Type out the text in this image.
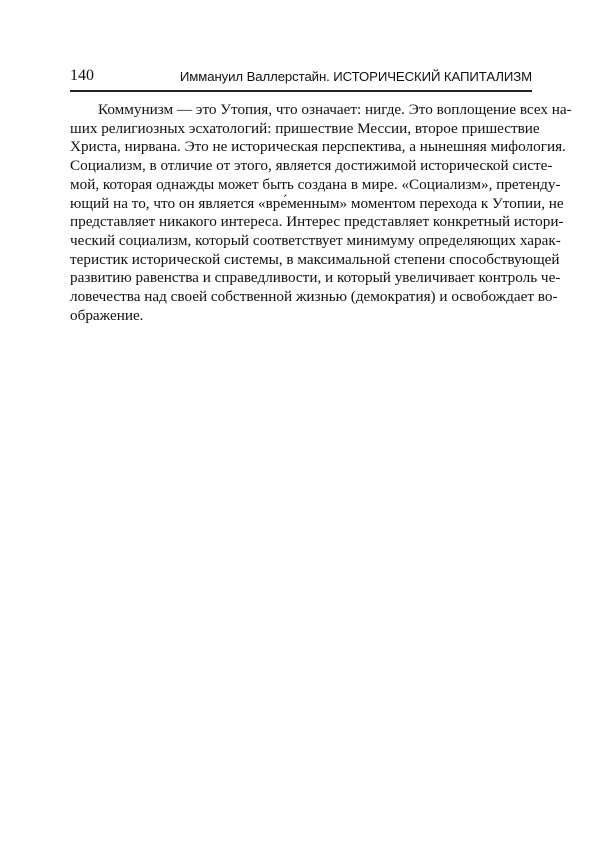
140	Иммануил Валлерстайн. ИСТОРИЧЕСКИЙ КАПИТАЛИЗМ
Коммунизм — это Утопия, что означает: нигде. Это воплощение всех на-
ших религиозных эсхатологий: пришествие Мессии, второе пришествие
Христа, нирвана. Это не историческая перспектива, а нынешняя мифология.
Социализм, в отличие от этого, является достижимой исторической систе-
мой, которая однажды может быть создана в мире. «Социализм», претенду-
ющий на то, что он является «вре́менным» моментом перехода к Утопии, не
представляет никакого интереса. Интерес представляет конкретный истори-
ческий социализм, который соответствует минимуму определяющих харак-
теристик исторической системы, в максимальной степени способствующей
развитию равенства и справедливости, и который увеличивает контроль че-
ловечества над своей собственной жизнью (демократия) и освобождает во-
ображение.
